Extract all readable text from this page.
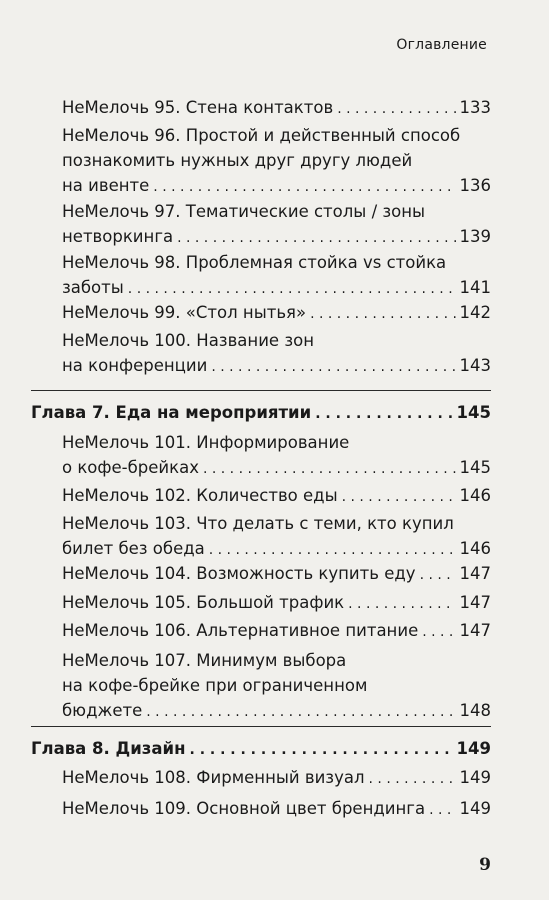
Оглавление
НеМелочь 95. Стена контактов . . .	133
НеМелочь 96. Простой и действенный способ
познакомить нужных друг другу людей
на ивенте . . .	136
НеМелочь 97. Тематические столы / зоны
нетворкинга . . .	139
НеМелочь 98. Проблемная стойка vs стойка
заботы . . .	141
НеМелочь 99. «Стол нытья» . . .	142
НеМелочь 100. Название зон
на конференции . . .	143
Глава 7. Еда на мероприятии . . .	145
НеМелочь 101. Информирование
о кофе-брейках . . .	145
НеМелочь 102. Количество еды . . .	146
НеМелочь 103. Что делать с теми, кто купил
билет без обеда . . .	146
НеМелочь 104. Возможность купить еду . . .	147
НеМелочь 105. Большой трафик . . .	147
НеМелочь 106. Альтернативное питание . . .	147
НеМелочь 107. Минимум выбора
на кофе-брейке при ограниченном
бюджете . . .	148
Глава 8. Дизайн . . .	149
НеМелочь 108. Фирменный визуал . . .	149
НеМелочь 109. Основной цвет брендинга . . . 149
9
